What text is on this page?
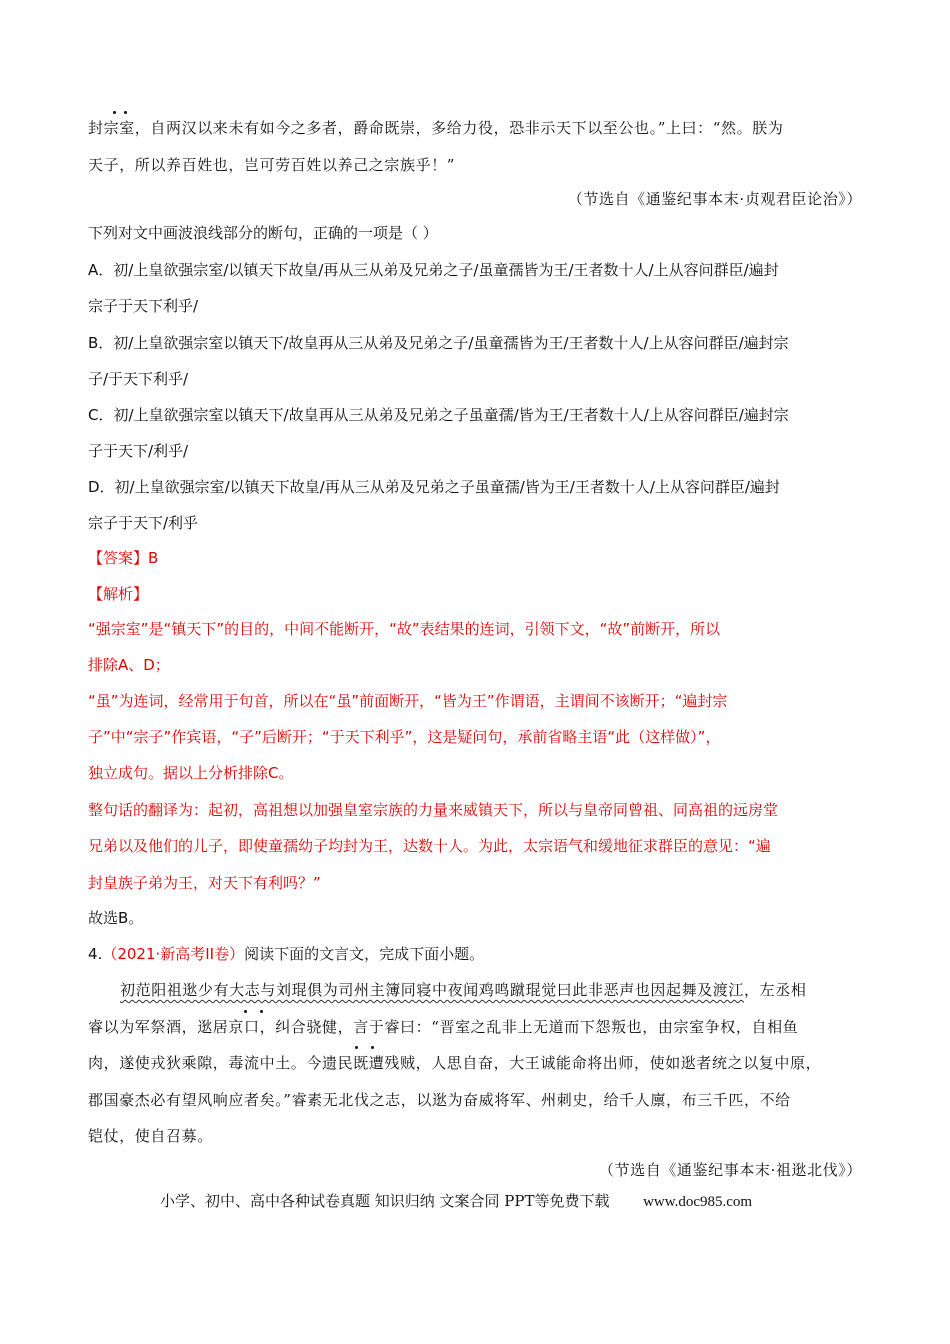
封宗室，自两汉以来未有如今之多者，爵命既崇，多给力役，恐非示天下以至公也。”上曰：“然。朕为
天子，所以养百姓也，岂可劳百姓以养己之宗族乎！”
（节选自《通鉴纪事本末·贞观君臣论治》）
下列对文中画波浪线部分的断句，正确的一项是（ ）
A．初/上皇欲强宗室/以镇天下故皇/再从三从弟及兄弟之子/虽童孺皆为王/王者数十人/上从容问群臣/遍封
宗子于天下利乎/
B．初/上皇欲强宗室以镇天下/故皇再从三从弟及兄弟之子/虽童孺皆为王/王者数十人/上从容问群臣/遍封宗
子/于天下利乎/
C．初/上皇欲强宗室以镇天下/故皇再从三从弟及兄弟之子虽童孺/皆为王/王者数十人/上从容问群臣/遍封宗
子于天下/利乎/
D．初/上皇欲强宗室/以镇天下故皇/再从三从弟及兄弟之子虽童孺/皆为王/王者数十人/上从容问群臣/遍封
宗子于天下/利乎
【答案】B
【解析】
“强宗室”是“镇天下”的目的，中间不能断开，“故”表结果的连词，引领下文，“故”前断开，所以
排除A、D；
“虽”为连词，经常用于句首，所以在“虽”前面断开，“皆为王”作谓语，主谓间不该断开；“遍封宗
子”中“宗子”作宾语，“子”后断开；“于天下利乎”，这是疑问句，承前省略主语“此（这样做）”，
独立成句。据以上分析排除C。
整句话的翻译为：起初，高祖想以加强皇室宗族的力量来威镇天下，所以与皇帝同曾祖、同高祖的远房堂
兄弟以及他们的儿子，即使童孺幼子均封为王，达数十人。为此，太宗语气和缓地征求群臣的意见：“遍
封皇族子弟为王，对天下有利吗？”
故选B。
4.（2021·新高考II卷）阅读下面的文言文，完成下面小题。
初范阳祖逖少有大志与刘琨俱为司州主簿同寝中夜闻鸡鸣蹴琨觉曰此非恶声也因起舞及渡江，左丞相
睿以为军祭酒，逖居京口，纠合骁健，言于睿曰：“晋室之乱非上无道而下怨叛也，由宗室争权，自相鱼
肉，遂使戎狄乘隙，毒流中土。今遗民既遭残贼，人思自奋，大王诚能命将出师，使如逖者统之以复中原，
郡国豪杰必有望风响应者矣。”睿素无北伐之志，以逖为奋威将军、州刺史，给千人廪，布三千匹，不给
铠仗，使自召募。
（节选自《通鉴纪事本末·祖逖北伐》）
小学、初中、高中各种试卷真题 知识归纳 文案合同 PPT等免费下载 www.doc985.com
